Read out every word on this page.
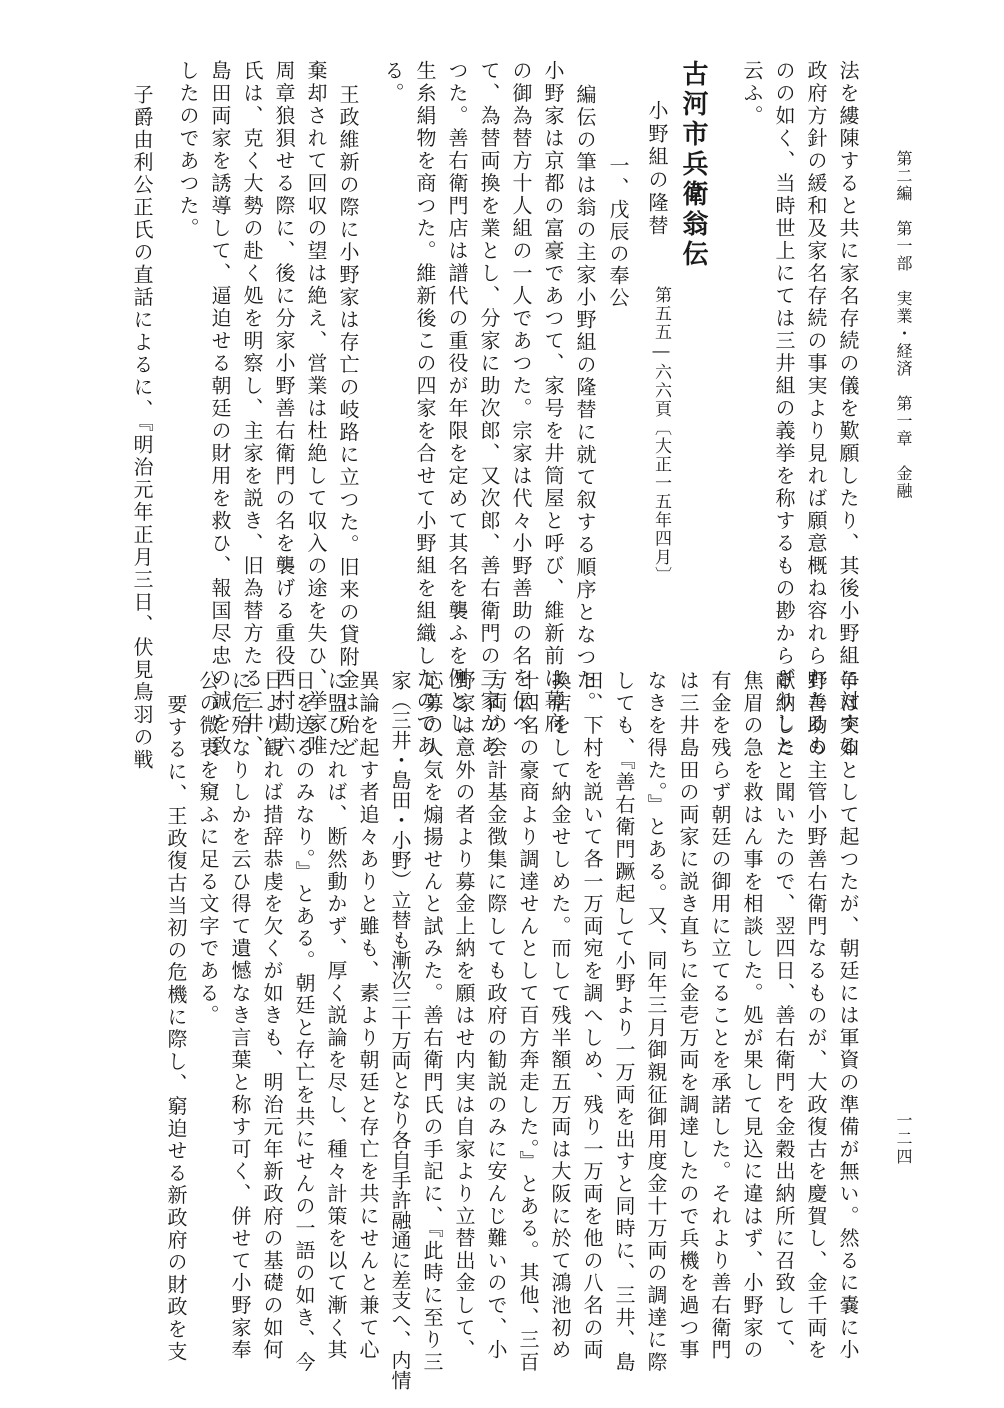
第二編　第一部　実業・経済　第一章　金融

一二四

法を縷陳すると共に家名存続の儀を歎願したり、其後小野組に対する

政府方針の緩和及家名存続の事実より見れば願意概ね容れられたるも

のの如く、当時世上にては三井組の義挙を称するもの尠からざりしと

云ふ。

古河市兵衛翁伝

小野組の隆替

第五五―六六頁〔大正一五年四月〕

一、戊辰の奉公

編伝の筆は翁の主家小野組の隆替に就て叙する順序となつた。

小野家は京都の富豪であつて、家号を井筒屋と呼び、維新前は幕府

の御為替方十人組の一人であつた。宗家は代々小野善助の名を伝へ

て、為替両換を業とし、分家に助次郎、又次郎、善右衛門の三家があ

つた。善右衛門店は譜代の重役が年限を定めて其名を襲ふを例とし、

生糸絹物を商つた。維新後この四家を合せて小野組を組織したのであ

る。

王政維新の際に小野家は存亡の岐路に立つた。旧来の貸附金は殆ど

棄却されて回収の望は絶え、営業は杜絶して収入の途を失ひ、挙家唯

周章狼狽せる際に、後に分家小野善右衛門の名を襲げる重役西村勘六

氏は、克く大勢の赴く処を明察し、主家を説き、旧為替方たる三井、

島田両家を誘導して、逼迫せる朝廷の財用を救ひ、報国尽忠の誠を致

したのであつた。

子爵由利公正氏の直話によるに、『明治元年正月三日、伏見鳥羽の戦

争は突如として起つたが、朝廷には軍資の準備が無い。然るに嚢に小

野善助の主管小野善右衛門なるものが、大政復古を慶賀し、金千両を

献納したと聞いたので、翌四日、善右衛門を金穀出納所に召致して、

焦眉の急を救はん事を相談した。処が果して見込に違はず、小野家の

有金を残らず朝廷の御用に立てることを承諾した。それより善右衛門

は三井島田の両家に説き直ちに金壱万両を調達したので兵機を過つ事

なきを得た。』とある。又、同年三月御親征御用度金十万両の調達に際

しても、『善右衛門蹶起して小野より一万両を出すと同時に、三井、島

田、下村を説いて各一万両宛を調へしめ、残り一万両を他の八名の両

換店をして納金せしめた。而して残半額五万両は大阪に於て鴻池初め

十四名の豪商より調達せんとして百方奔走した。』とある。其他、三百

万両の会計基金徴集に際しても政府の勧説のみに安んじ難いので、小

野家は意外の者より募金上納を願はせ内実は自家より立替出金して、

応募の人気を煽揚せんと試みた。善右衛門氏の手記に、『此時に至り三

家（三井・島田・小野）立替も漸次三十万両となり各自手許融通に差支へ、内情

異論を起す者追々ありと雖も、素より朝廷と存亡を共にせんと兼て心

に盟ひたれば、断然動かず、厚く説論を尽し、種々計策を以て漸く其

日を送るのみなり。』とある。朝廷と存亡を共にせんの一語の如き、今

日より観れば措辞恭虔を欠くが如きも、明治元年新政府の基礎の如何

に危殆なりしかを云ひ得て遺憾なき言葉と称す可く、併せて小野家奉

公の微衷を窺ふに足る文字である。

要するに、王政復古当初の危機に際し、窮迫せる新政府の財政を支
